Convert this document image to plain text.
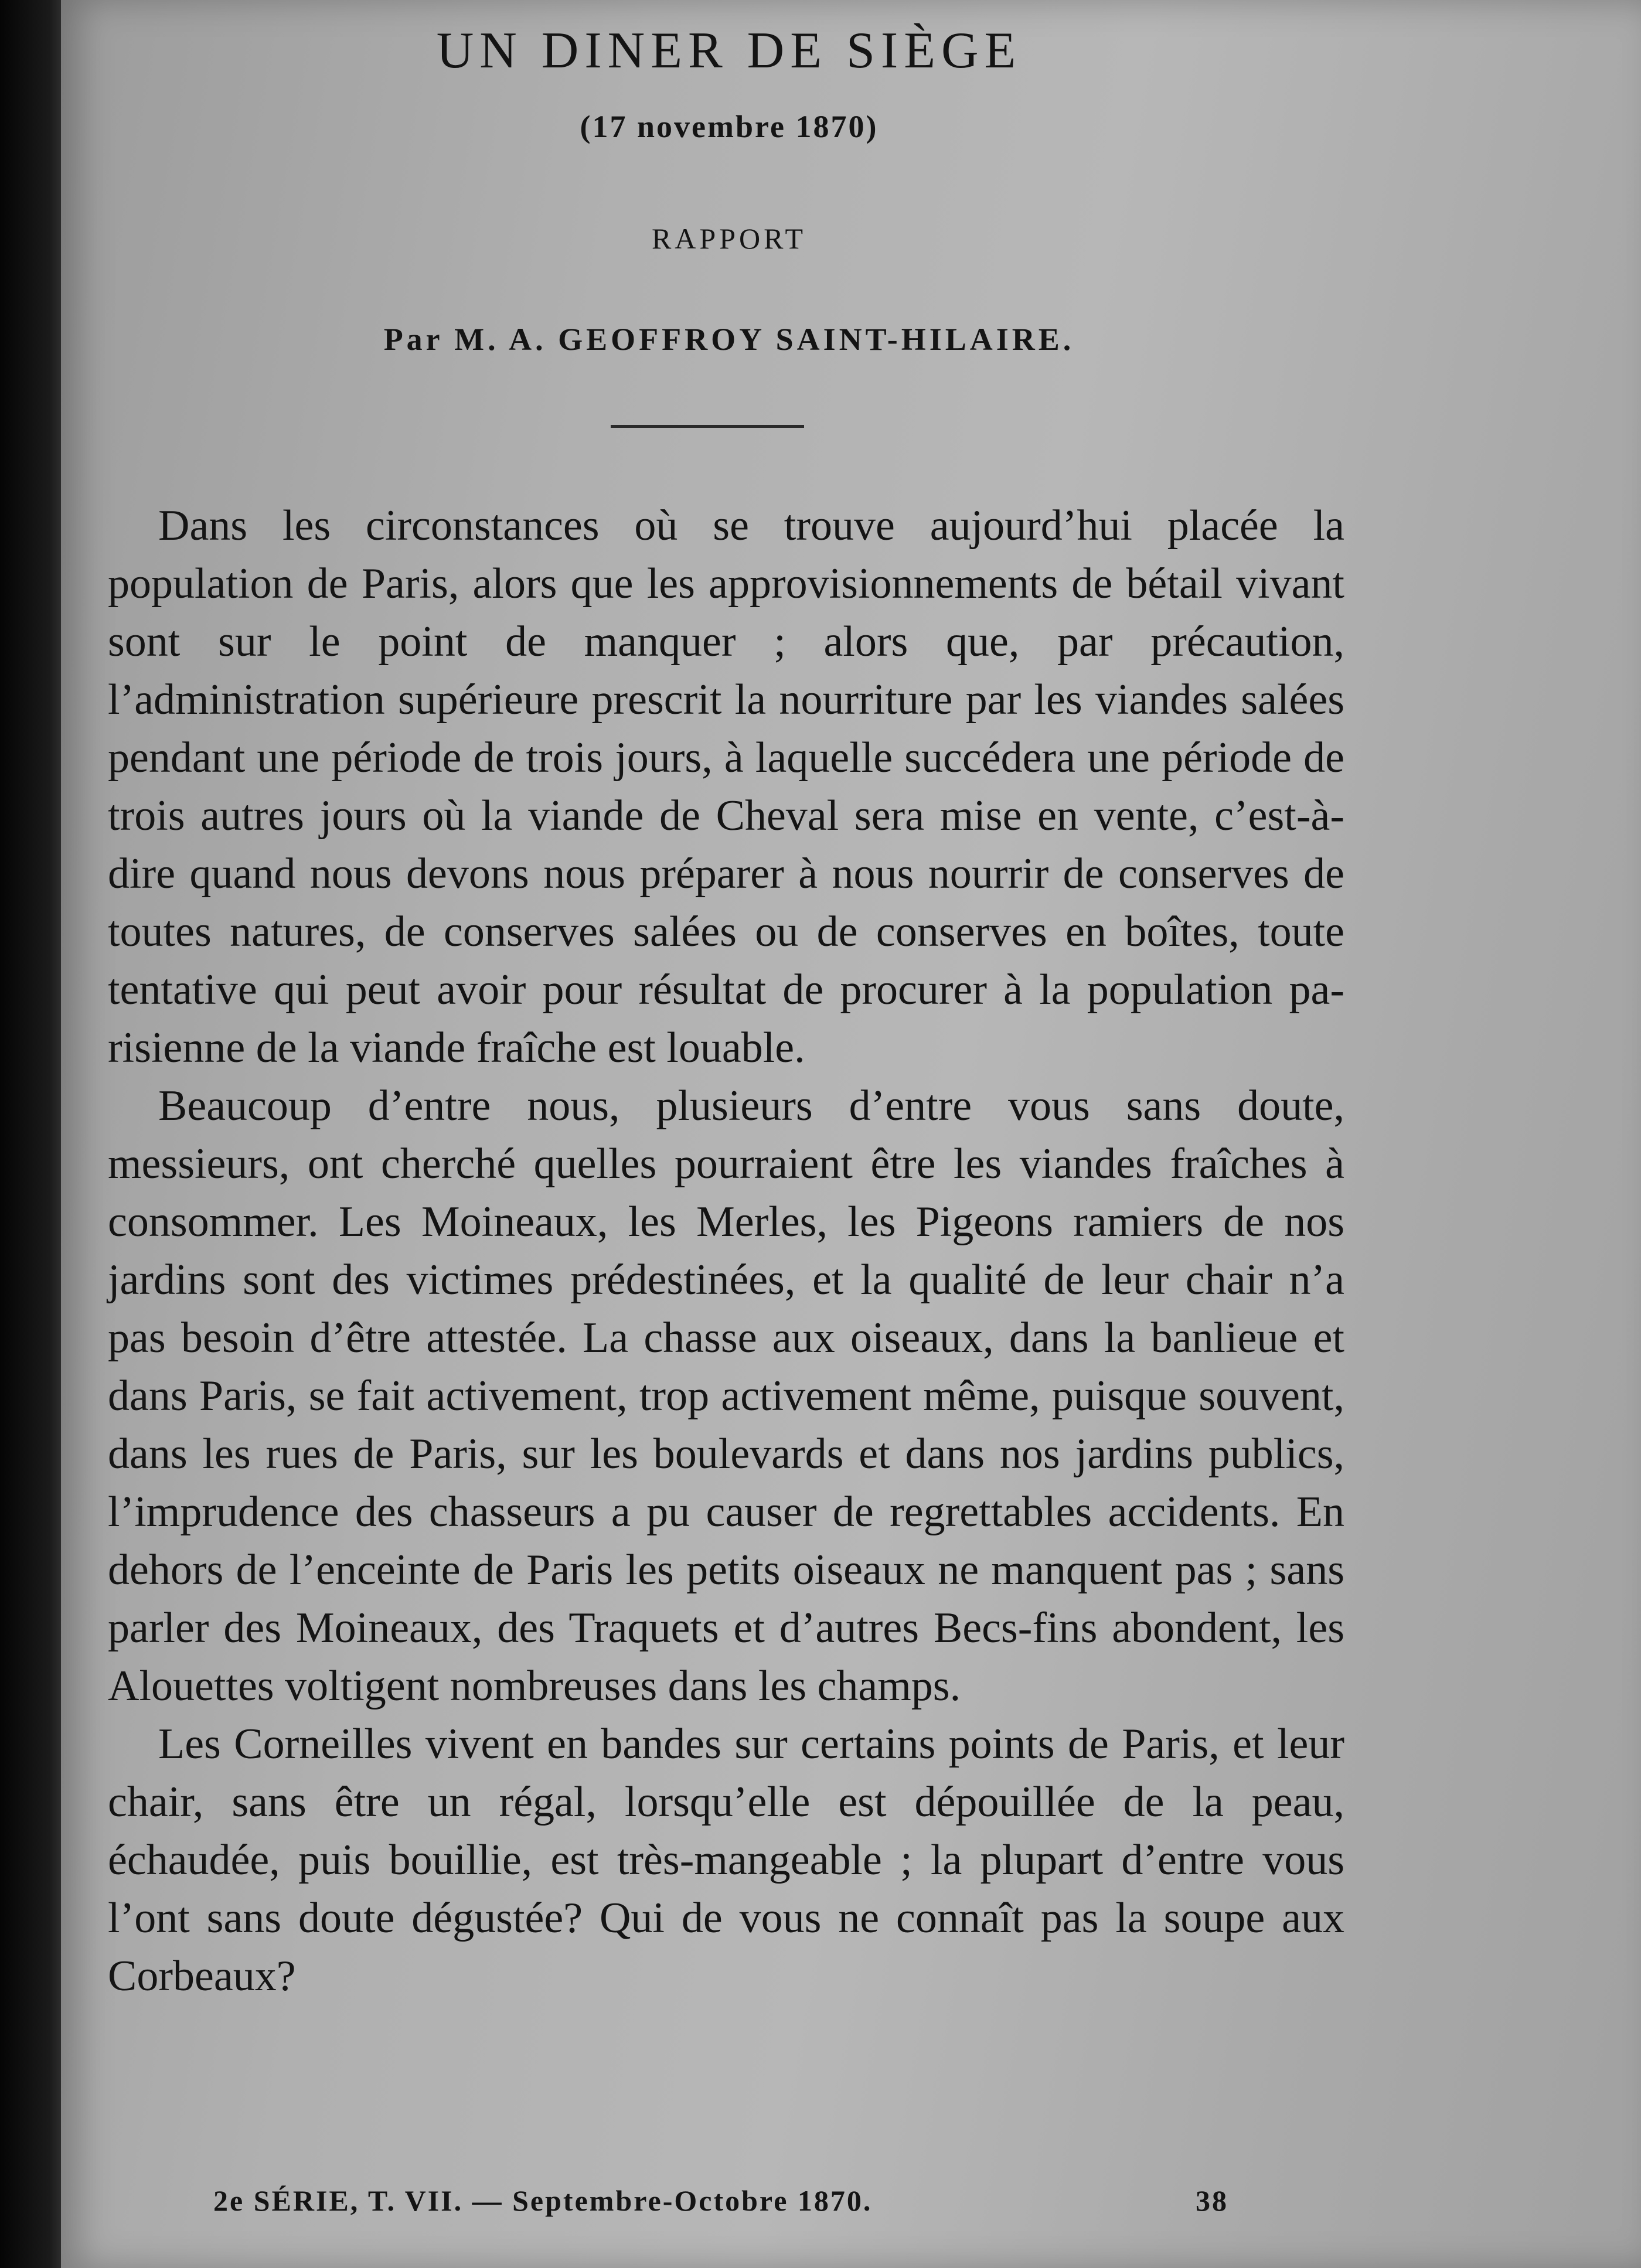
UN DINER DE SIÈGE
(17 novembre 1870)
RAPPORT
Par M. A. GEOFFROY SAINT-HILAIRE.

Dans les circonstances où se trouve aujourd’hui placée la population de Paris, alors que les approvisionnements de bétail vivant sont sur le point de manquer ; alors que, par précaution, l’administration supérieure prescrit la nourriture par les viandes salées pendant une période de trois jours, à laquelle succédera une période de trois autres jours où la viande de Cheval sera mise en vente, c’est-à-dire quand nous devons nous préparer à nous nourrir de conserves de toutes natures, de conserves salées ou de conserves en boîtes, toute tentative qui peut avoir pour résultat de procurer à la population parisienne de la viande fraîche est louable.

Beaucoup d’entre nous, plusieurs d’entre vous sans doute, messieurs, ont cherché quelles pourraient être les viandes fraîches à consommer. Les Moineaux, les Merles, les Pigeons ramiers de nos jardins sont des victimes prédestinées, et la qualité de leur chair n’a pas besoin d’être attestée. La chasse aux oiseaux, dans la banlieue et dans Paris, se fait activement, trop activement même, puisque souvent, dans les rues de Paris, sur les boulevards et dans nos jardins publics, l’imprudence des chasseurs a pu causer de regrettables accidents. En dehors de l’enceinte de Paris les petits oiseaux ne manquent pas ; sans parler des Moineaux, des Traquets et d’autres Becs-fins abondent, les Alouettes voltigent nombreuses dans les champs.

Les Corneilles vivent en bandes sur certains points de Paris, et leur chair, sans être un régal, lorsqu’elle est dépouillée de la peau, échaudée, puis bouillie, est très-mangeable ; la plupart d’entre vous l’ont sans doute dégustée? Qui de vous ne connaît pas la soupe aux Corbeaux?

2e SÉRIE, T. VII. — Septembre-Octobre 1870.	38
